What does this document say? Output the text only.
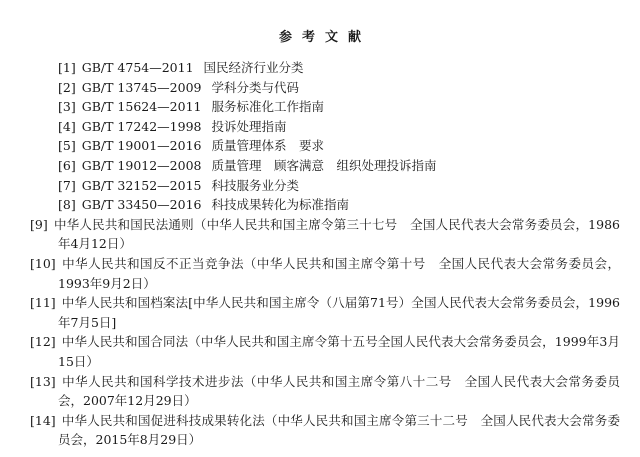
参考文献
[1] GB/T 4754—2011 国民经济行业分类
[2] GB/T 13745—2009 学科分类与代码
[3] GB/T 15624—2011 服务标准化工作指南
[4] GB/T 17242—1998 投诉处理指南
[5] GB/T 19001—2016 质量管理体系　要求
[6] GB/T 19012—2008 质量管理　顾客满意　组织处理投诉指南
[7] GB/T 32152—2015 科技服务业分类
[8] GB/T 33450—2016 科技成果转化为标准指南
[9] 中华人民共和国民法通则（中华人民共和国主席令第三十七号　全国人民代表大会常务委员会，1986年4月12日）
[10] 中华人民共和国反不正当竞争法（中华人民共和国主席令第十号　全国人民代表大会常务委员会，1993年9月2日）
[11] 中华人民共和国档案法[中华人民共和国主席令（八届第71号）全国人民代表大会常务委员会，1996年7月5日]
[12] 中华人民共和国合同法（中华人民共和国主席令第十五号全国人民代表大会常务委员会，1999年3月15日）
[13] 中华人民共和国科学技术进步法（中华人民共和国主席令第八十二号　全国人民代表大会常务委员会，2007年12月29日）
[14] 中华人民共和国促进科技成果转化法（中华人民共和国主席令第三十二号　全国人民代表大会常务委员会，2015年8月29日）
